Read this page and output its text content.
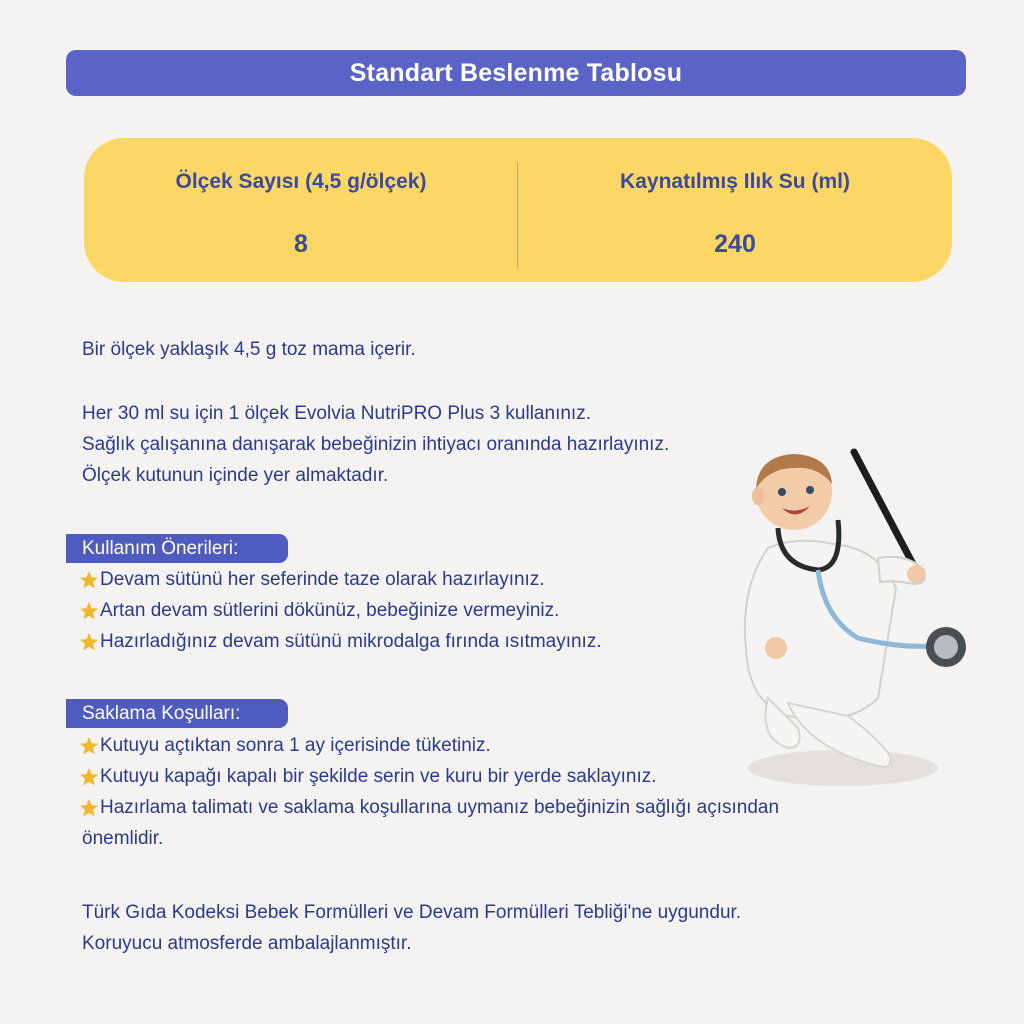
Standart Beslenme Tablosu
Ölçek Sayısı (4,5 g/ölçek)
8
Kaynatılmış Ilık Su (ml)
240
Bir ölçek yaklaşık 4,5 g toz mama içerir.
Her 30 ml su için 1 ölçek Evolvia NutriPRO Plus 3 kullanınız.
Sağlık çalışanına danışarak bebeğinizin ihtiyacı oranında hazırlayınız.
Ölçek kutunun içinde yer almaktadır.
Kullanım Önerileri:
Devam sütünü her seferinde taze olarak hazırlayınız.
Artan devam sütlerini dökünüz, bebeğinize vermeyiniz.
Hazırladığınız devam sütünü mikrodalga fırında ısıtmayınız.
Saklama Koşulları:
Kutuyu açtıktan sonra 1 ay içerisinde tüketiniz.
Kutuyu kapağı kapalı bir şekilde serin ve kuru bir yerde saklayınız.
Hazırlama talimatı ve saklama koşullarına uymanız bebeğinizin sağlığı açısından
önemlidir.
Türk Gıda Kodeksi Bebek Formülleri ve Devam Formülleri Tebliği'ne uygundur.
Koruyucu atmosferde ambalajlanmıştır.
